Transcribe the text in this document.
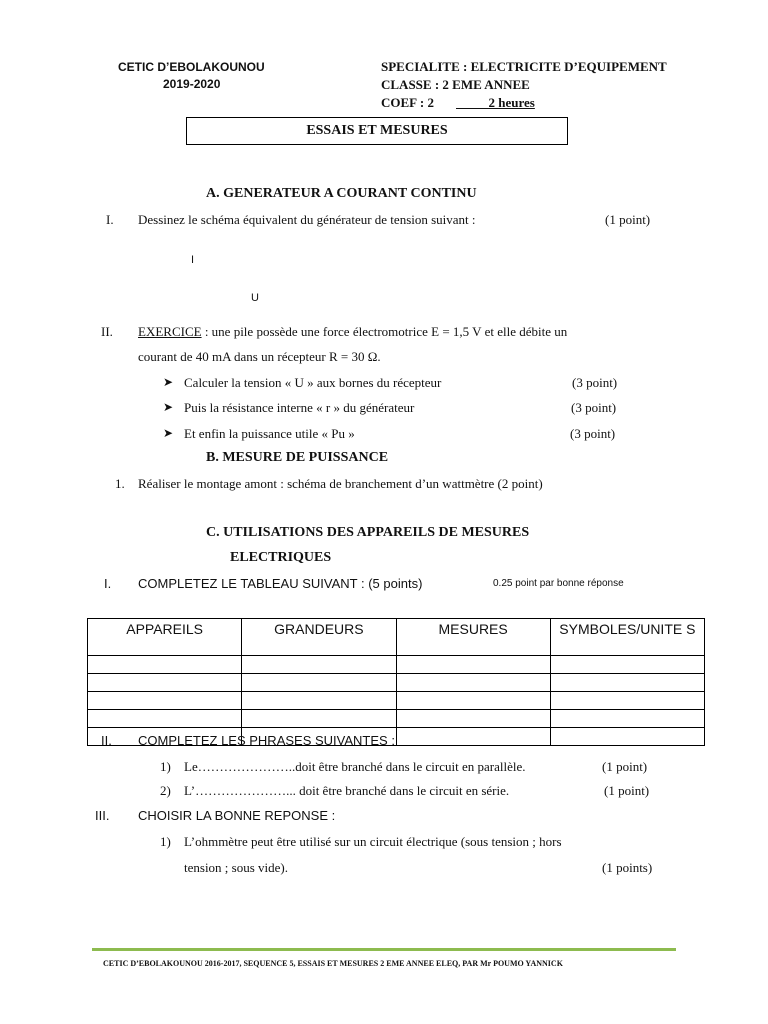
CETIC D’EBOLAKOUNOU
2019-2020
SPECIALITE : ELECTRICITE D’EQUIPEMENT
CLASSE : 2 EME ANNEE
COEF : 2	2 heures
ESSAIS ET MESURES
A. GENERATEUR A COURANT CONTINU
I. Dessinez le schéma équivalent du générateur de tension suivant :	(1 point)
I
U
II. EXERCICE : une pile possède une force électromotrice E = 1,5 V et elle débite un
courant de 40 mA dans un récepteur R = 30 Ω.
➤ Calculer la tension « U » aux bornes du récepteur	(3 point)
➤ Puis la résistance interne « r » du générateur	(3 point)
➤ Et enfin la puissance utile « Pu »	(3 point)
B. MESURE DE PUISSANCE
1. Réaliser le montage amont : schéma de branchement d’un wattmètre (2 point)
C. UTILISATIONS DES APPAREILS DE MESURES
ELECTRIQUES
I. COMPLETEZ LE TABLEAU SUIVANT : (5 points)	0.25 point par bonne réponse
APPAREILS	GRANDEURS	MESURES	SYMBOLES/UNITE S

II. COMPLETEZ LES PHRASES SUIVANTES :
1) Le…………………..doit être branché dans le circuit en parallèle.	(1 point)
2) L’…………………... doit être branché dans le circuit en série.	(1 point)
III. CHOISIR LA BONNE REPONSE :
1) L’ohmmètre peut être utilisé sur un circuit électrique (sous tension ; hors
tension ; sous vide).	(1 points)
CETIC D’EBOLAKOUNOU 2016-2017, SEQUENCE 5, ESSAIS ET MESURES 2 EME ANNEE ELEQ, PAR Mr POUMO YANNICK
